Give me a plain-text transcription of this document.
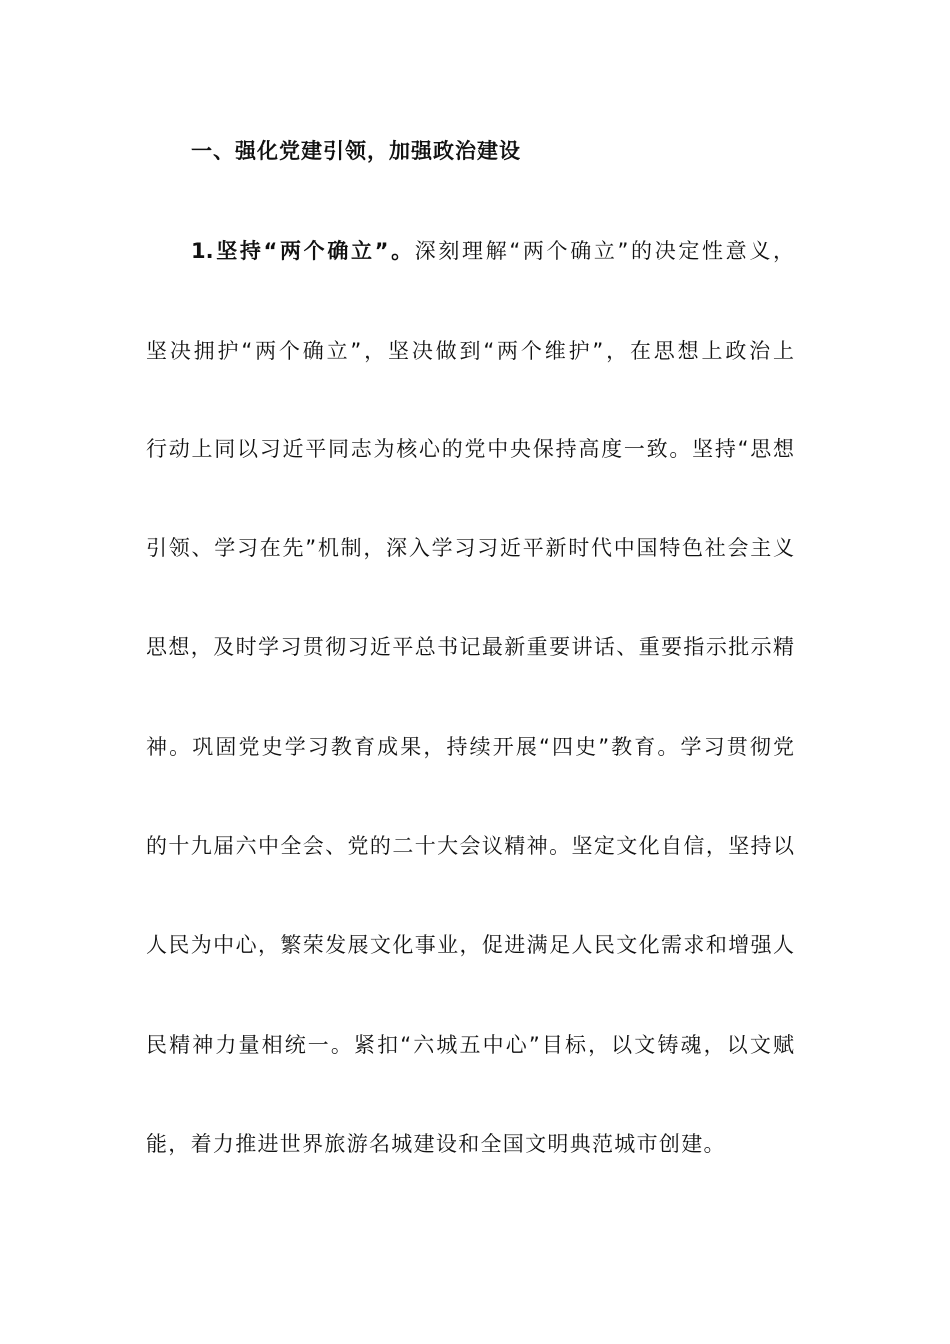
一、强化党建引领，加强政治建设
1.坚持“两个确立”。深刻理解“两个确立”的决定性意义，
坚决拥护“两个确立”，坚决做到“两个维护”，在思想上政治上
行动上同以习近平同志为核心的党中央保持高度一致。坚持“思想
引领、学习在先”机制，深入学习习近平新时代中国特色社会主义
思想，及时学习贯彻习近平总书记最新重要讲话、重要指示批示精
神。巩固党史学习教育成果，持续开展“四史”教育。学习贯彻党
的十九届六中全会、党的二十大会议精神。坚定文化自信，坚持以
人民为中心，繁荣发展文化事业，促进满足人民文化需求和增强人
民精神力量相统一。紧扣“六城五中心”目标，以文铸魂，以文赋
能，着力推进世界旅游名城建设和全国文明典范城市创建。
